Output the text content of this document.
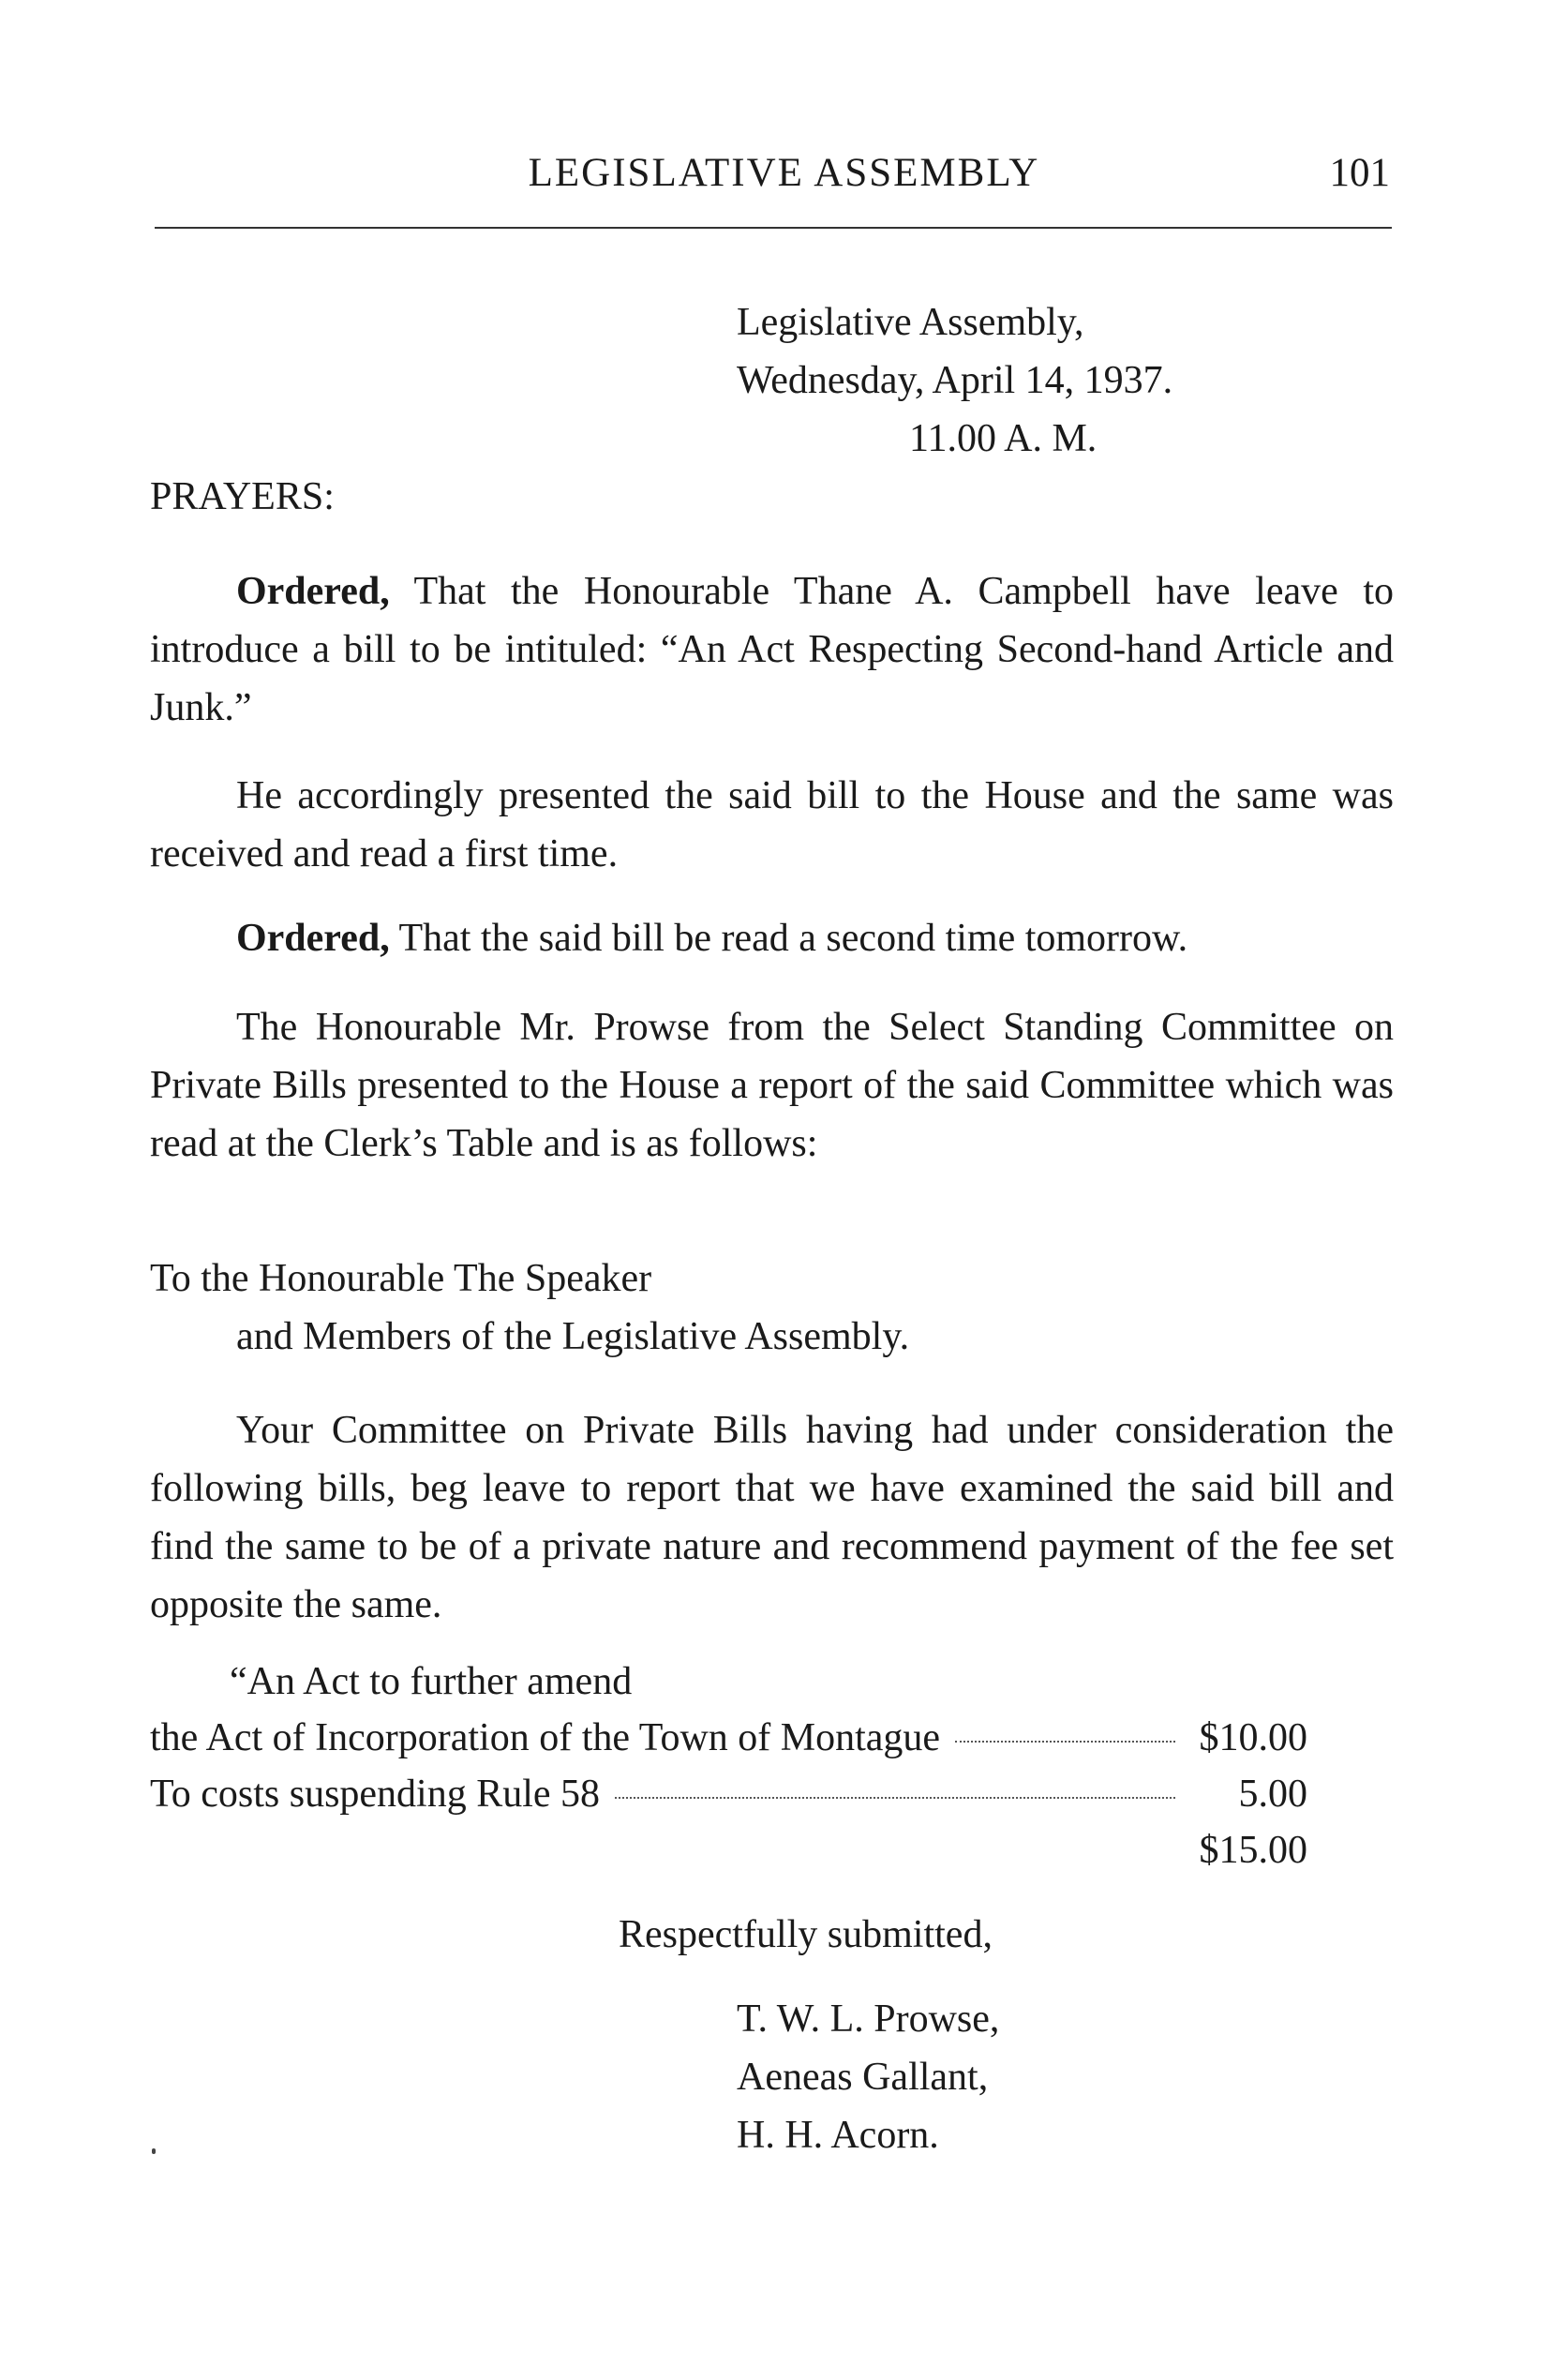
LEGISLATIVE ASSEMBLY	101
Legislative Assembly,
Wednesday, April 14, 1937.
11.00 A. M.
PRAYERS:
Ordered, That the Honourable Thane A. Campbell have leave to introduce a bill to be intituled: “An Act Respecting Second-hand Article and Junk.”
He accordingly presented the said bill to the House and the same was received and read a first time.
Ordered, That the said bill be read a second time tomorrow.
The Honourable Mr. Prowse from the Select Standing Committee on Private Bills presented to the House a report of the said Committee which was read at the Clerk’s Table and is as follows:
To the Honourable The Speaker
and Members of the Legislative Assembly.
Your Committee on Private Bills having had under consideration the following bills, beg leave to report that we have examined the said bill and find the same to be of a private nature and recommend payment of the fee set opposite the same.
“An Act to further amend
the Act of Incorporation of the Town of Montague	$10.00
To costs suspending Rule 58	5.00
$15.00
Respectfully submitted,
T. W. L. Prowse,
Aeneas Gallant,
H. H. Acorn.
